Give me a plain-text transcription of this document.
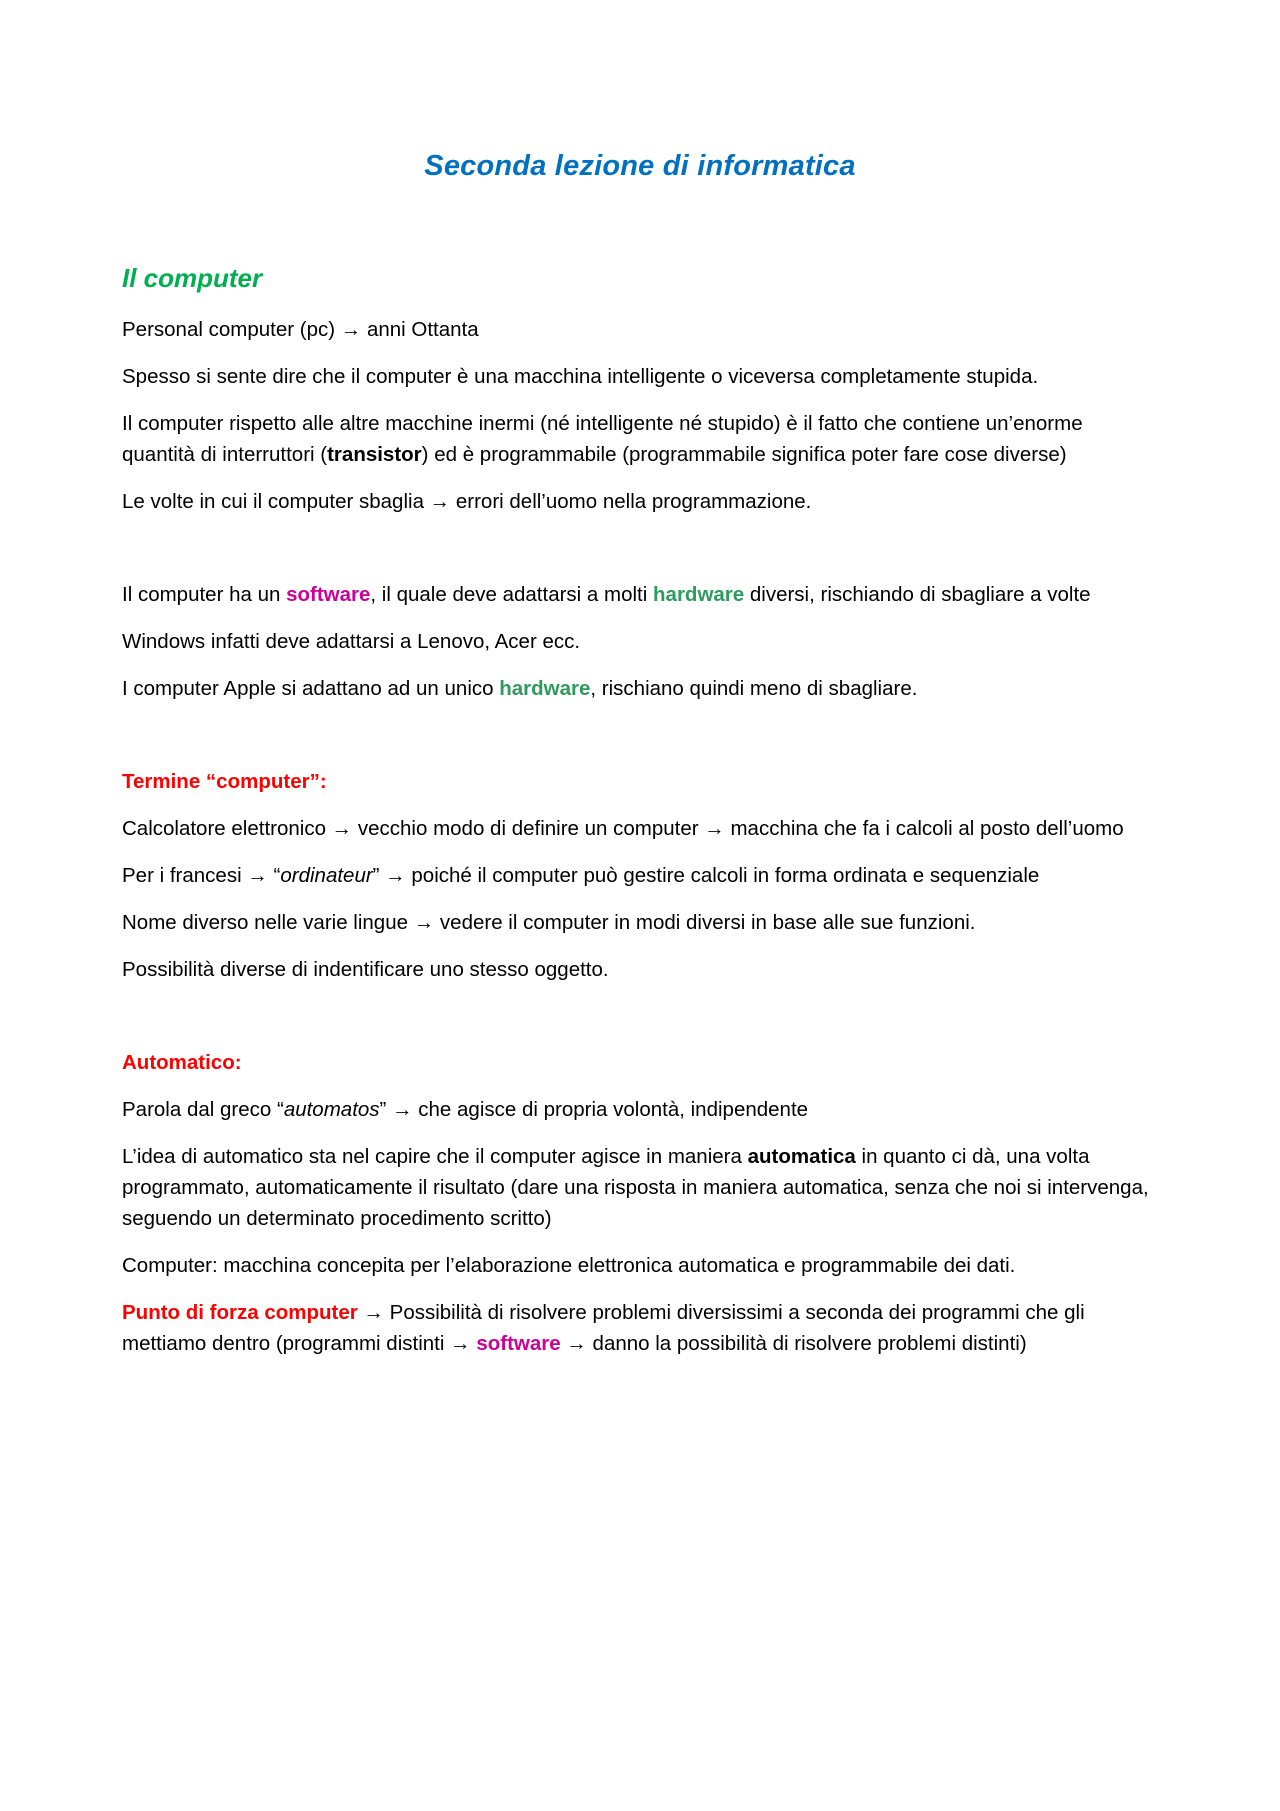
Seconda lezione di informatica
Il computer

Personal computer (pc) → anni Ottanta

Spesso si sente dire che il computer è una macchina intelligente o viceversa completamente stupida.

Il computer rispetto alle altre macchine inermi (né intelligente né stupido) è il fatto che contiene un’enorme quantità di interruttori (transistor) ed è programmabile (programmabile significa poter fare cose diverse)

Le volte in cui il computer sbaglia → errori dell’uomo nella programmazione.

Il computer ha un software, il quale deve adattarsi a molti hardware diversi, rischiando di sbagliare a volte

Windows infatti deve adattarsi a Lenovo, Acer ecc.

I computer Apple si adattano ad un unico hardware, rischiano quindi meno di sbagliare.

Termine “computer”:

Calcolatore elettronico → vecchio modo di definire un computer → macchina che fa i calcoli al posto dell’uomo

Per i francesi → “ordinateur” → poiché il computer può gestire calcoli in forma ordinata e sequenziale

Nome diverso nelle varie lingue → vedere il computer in modi diversi in base alle sue funzioni.

Possibilità diverse di indentificare uno stesso oggetto.

Automatico:

Parola dal greco “automatos” → che agisce di propria volontà, indipendente

L’idea di automatico sta nel capire che il computer agisce in maniera automatica in quanto ci dà, una volta programmato, automaticamente il risultato (dare una risposta in maniera automatica, senza che noi si intervenga, seguendo un determinato procedimento scritto)

Computer: macchina concepita per l’elaborazione elettronica automatica e programmabile dei dati.

Punto di forza computer → Possibilità di risolvere problemi diversissimi a seconda dei programmi che gli mettiamo dentro (programmi distinti → software → danno la possibilità di risolvere problemi distinti)
